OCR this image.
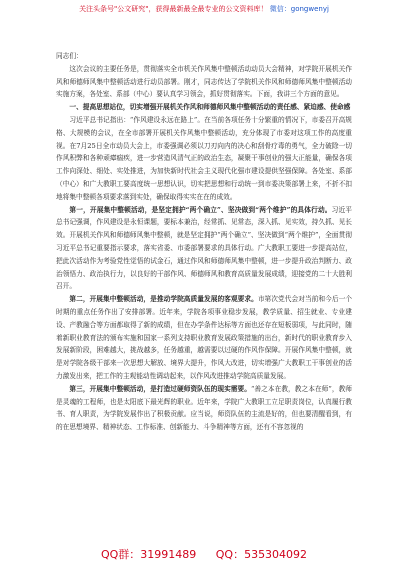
关注头条号"公文研究"，获得最新最全最专业的公文资料库！ 微信：gongwenyj

同志们：

这次会议的主要任务是，贯彻落实全市机关作风集中整顿活动动员大会精神，对学院开展机关作风和师德师风集中整顿活动进行动员部署。刚才，同志传达了学院机关作风和师德师风集中整顿活动实施方案，各处室、系部（中心）要认真学习领会，抓好贯彻落实。下面，我讲三个方面的意见。

一、提高思想站位，切实增强开展机关作风和师德师风集中整顿活动的责任感、紧迫感、使命感

习近平总书记指出：“作风建设永远在路上”。在当前各项任务十分繁重的情况下，市委召开高规格、大规模的会议，在全市部署开展机关作风集中整顿活动，充分体现了市委对这项工作的高度重视。在7月25日全市动员大会上，市委强调必须以刀刃向内的决心和刮骨疗毒的勇气，全力破除一切作风积弊和各种顽瘴痼疾，进一步营造风清气正的政治生态，凝聚干事创业的强大正能量，确保各项工作向深处、细处、实处推进，为加快新时代社会主义现代化强市建设提供坚强保障。各处室、系部（中心）和广大教职工要高度统一思想认识，切实把思想和行动统一到市委决策部署上来，不折不扣地将集中整顿各项要求落到实处，确保取得实实在在的成效。

第一，开展集中整顿活动，是坚定拥护“两个确立”、坚决做到“两个维护”的具体行动。习近平总书记强调，作风建设是永恒课题，要标本兼治，经常抓、见常态，深入抓、见实效，持久抓、见长效。开展机关作风和师德师风集中整顿，就是坚定拥护“两个确立”、坚决做到“两个维护”，全面贯彻习近平总书记重要指示要求，落实省委、市委部署要求的具体行动。广大教职工要进一步提高站位，把此次活动作为考验党性觉悟的试金石，通过作风和师德师风集中整顿，进一步提升政治判断力、政治领悟力、政治执行力，以良好的干部作风、师德师风和教育高质量发展成绩，迎接党的二十大胜利召开。

第二，开展集中整顿活动，是推动学院高质量发展的客观要求。市第次党代会对当前和今后一个时期的重点任务作出了安排部署。近年来，学院各项事业稳步发展，教学质量、招生就业、专业建设、产教融合等方面都取得了新的成绩，但在办学条件达标等方面也还存在短板弱项，与此同时，随着新职业教育法的颁布实施和国家一系列支持职业教育发展政策措施的出台，新时代的职业教育步入发展新阶段，困难越大，挑战越多，任务越重，越需要以过硬的作风作保障。开展作风集中整顿，就是对学院各级干部来一次思想大解放、境界大提升，作风大改进，切实增强广大教职工干事创业的活力激发出来，把工作的主观能动性调动起来，以作风改进推动学院高质量发展。

第三，开展集中整顿活动，是打造过硬师资队伍的现实需要。“善之本在教，教之本在师”，教师是灵魂的工程师，也是太阳底下最光辉的职业。近年来，学院广大教职工立足职责岗位，认真履行教书、育人职责，为学院发展作出了积极贡献。应当说，师资队伍的主流是好的，但也要清醒看到，有的在思想境界、精神状态、工作标准、创新能力、斗争精神等方面，还有不容忽视的

QQ群：31991489 QQ：535304092
